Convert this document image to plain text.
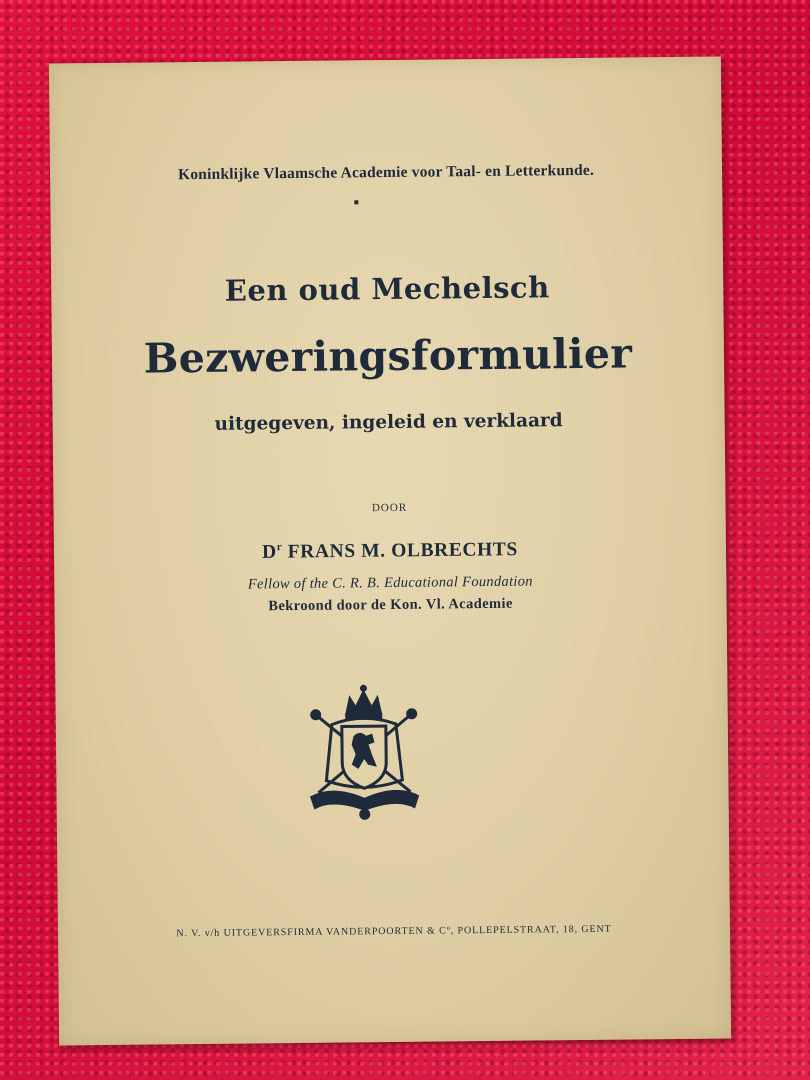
Koninklijke Vlaamsche Academie voor Taal- en Letterkunde.
Een oud Mechelsch
Bezweringsformulier
uitgegeven, ingeleid en verklaard
DOOR
$D^r$ FRANS M. OLBRECHTS
Fellow of the C. R. B. Educational Foundation
Bekroond door de Kon. Vl. Academie
N. V. v/h UITGEVERSFIRMA VANDERPOORTEN & Cº, POLLEPELSTRAAT, 18, GENT
